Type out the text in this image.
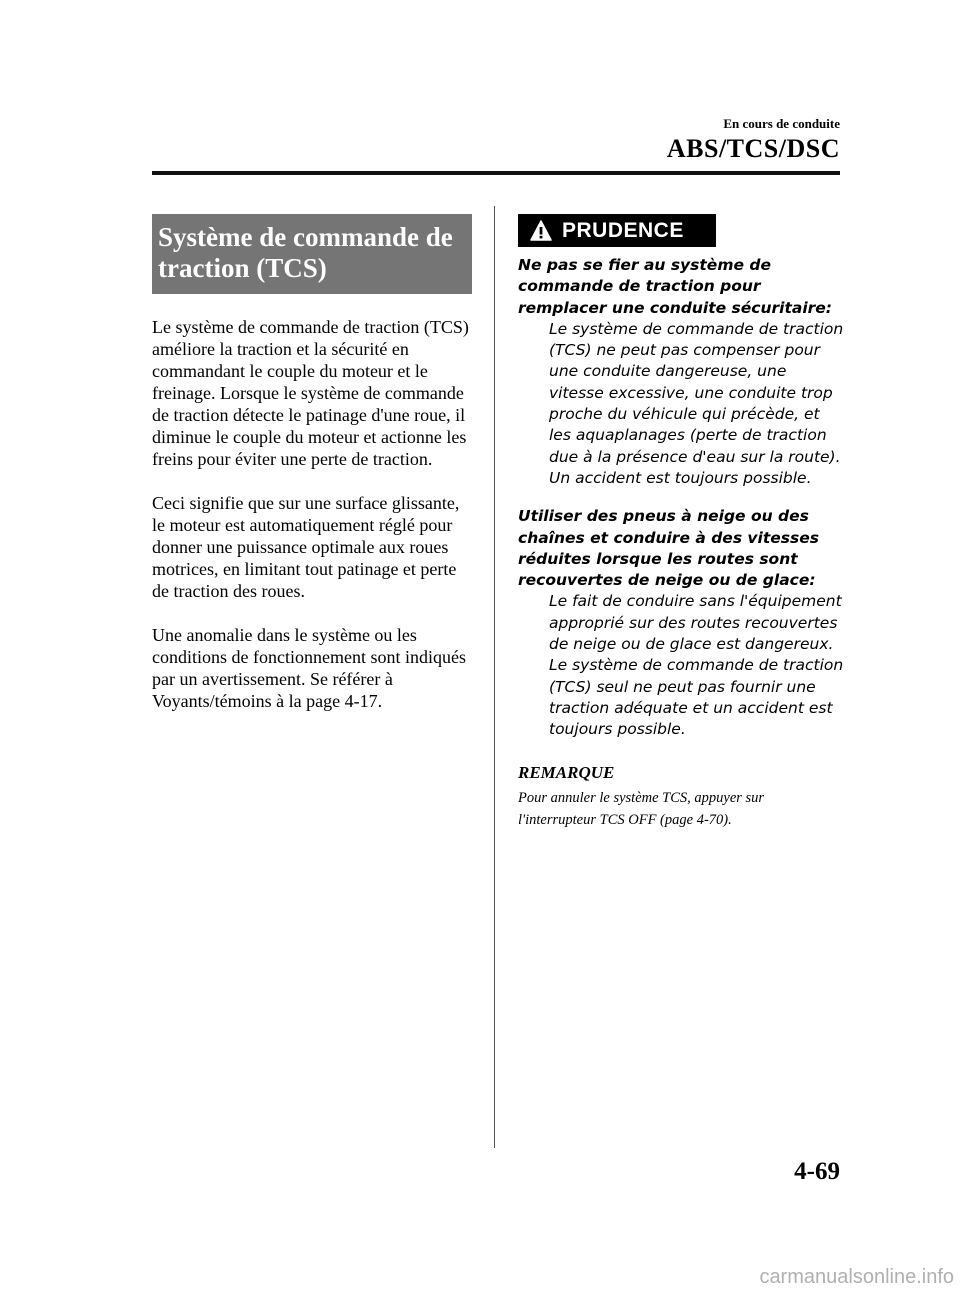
En cours de conduite
ABS/TCS/DSC
Système de commande de traction (TCS)

Le système de commande de traction (TCS) améliore la traction et la sécurité en commandant le couple du moteur et le freinage. Lorsque le système de commande de traction détecte le patinage d'une roue, il diminue le couple du moteur et actionne les freins pour éviter une perte de traction.

Ceci signifie que sur une surface glissante, le moteur est automatiquement réglé pour donner une puissance optimale aux roues motrices, en limitant tout patinage et perte de traction des roues.

Une anomalie dans le système ou les conditions de fonctionnement sont indiqués par un avertissement. Se référer à Voyants/témoins à la page 4-17.

PRUDENCE
Ne pas se fier au système de commande de traction pour remplacer une conduite sécuritaire:
Le système de commande de traction (TCS) ne peut pas compenser pour une conduite dangereuse, une vitesse excessive, une conduite trop proche du véhicule qui précède, et les aquaplanages (perte de traction due à la présence d'eau sur la route). Un accident est toujours possible.
Utiliser des pneus à neige ou des chaînes et conduire à des vitesses réduites lorsque les routes sont recouvertes de neige ou de glace:
Le fait de conduire sans l'équipement approprié sur des routes recouvertes de neige ou de glace est dangereux. Le système de commande de traction (TCS) seul ne peut pas fournir une traction adéquate et un accident est toujours possible.
REMARQUE
Pour annuler le système TCS, appuyer sur l'interrupteur TCS OFF (page 4-70).
4-69
carmanualsonline.info
